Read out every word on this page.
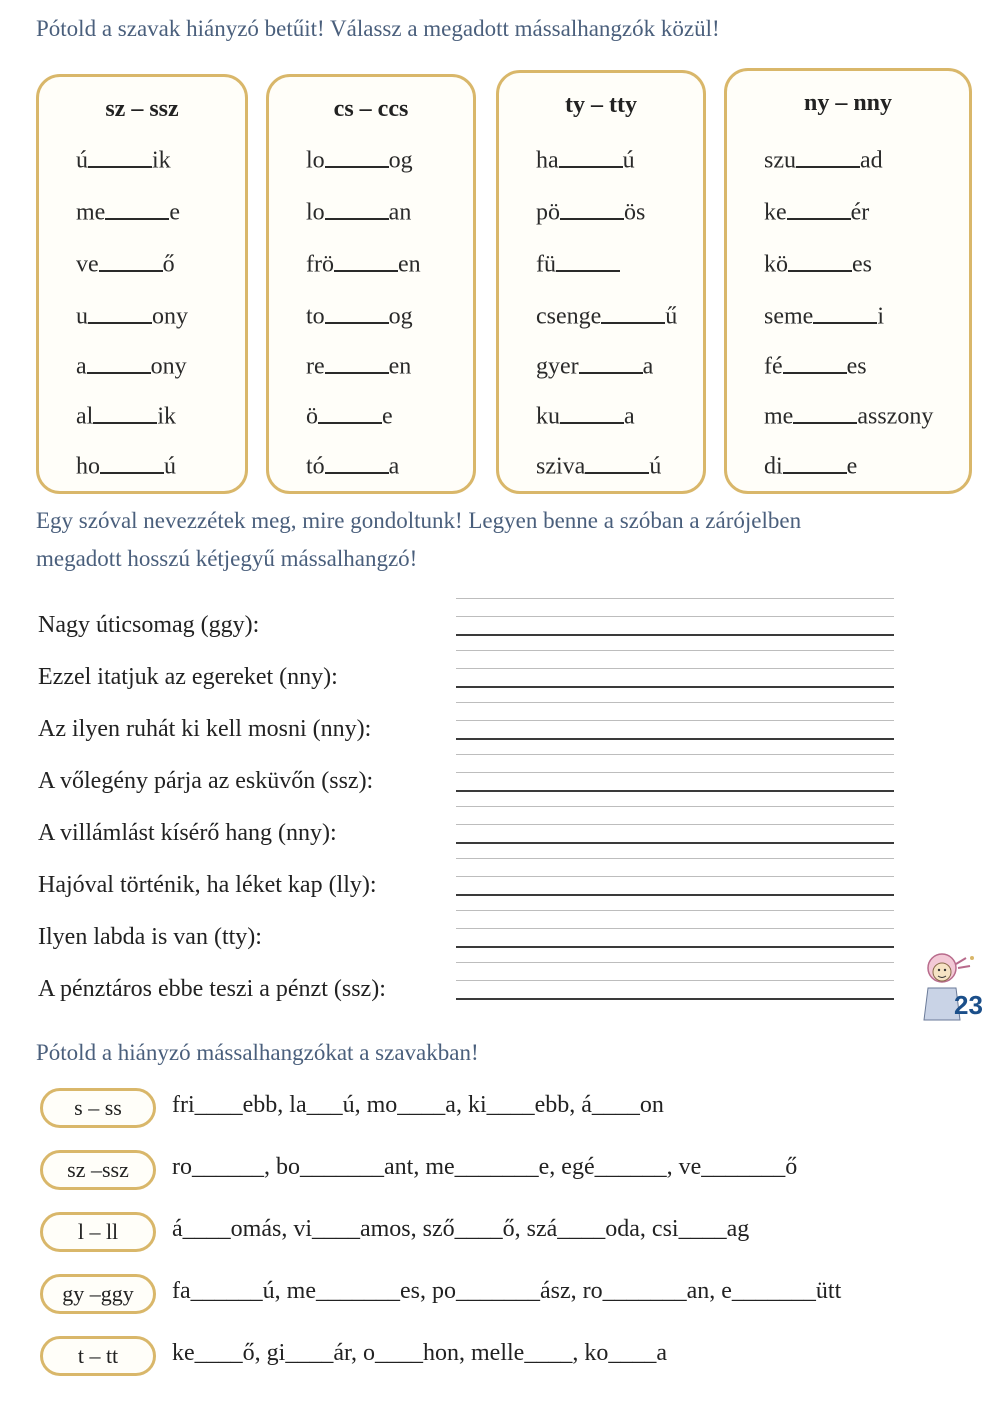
Pótold a szavak hiányzó betűit! Válassz a megadott mássalhangzók közül!
sz – ssz
ú	ik
me	e
ve	ő
u	ony
a	ony
al	ik
ho	ú
cs – ccs
lo	og
lo	an
frö	en
to	og
re	en
ö	e
tó	a
ty – tty
ha	ú
pö	ös
fü
csenge	ű
gyer	a
ku	a
sziva	ú
ny – nny
szu	ad
ke	ér
kö	es
seme	i
fé	es
me	asszony
di	e
Egy szóval nevezzétek meg, mire gondoltunk! Legyen benne a szóban a zárójelben
megadott hosszú kétjegyű mássalhangzó!
Nagy úticsomag (ggy):
Ezzel itatjuk az egereket (nny):
Az ilyen ruhát ki kell mosni (nny):
A vőlegény párja az esküvőn (ssz):
A villámlást kísérő hang (nny):
Hajóval történik, ha léket kap (lly):
Ilyen labda is van (tty):
A pénztáros ebbe teszi a pénzt (ssz):
23
Pótold a hiányzó mássalhangzókat a szavakban!
s – ss	fri____ebb, la___ú, mo____a, ki____ebb, á____on
sz –ssz	ro______, bo_______ant, me_______e, egé______, ve_______ő
l – ll	á____omás, vi____amos, sző____ő, szá____oda, csi____ag
gy –ggy	fa______ú, me_______es, po_______ász, ro_______an, e_______ütt
t – tt	ke____ő, gi____ár, o____hon, melle____, ko____a
